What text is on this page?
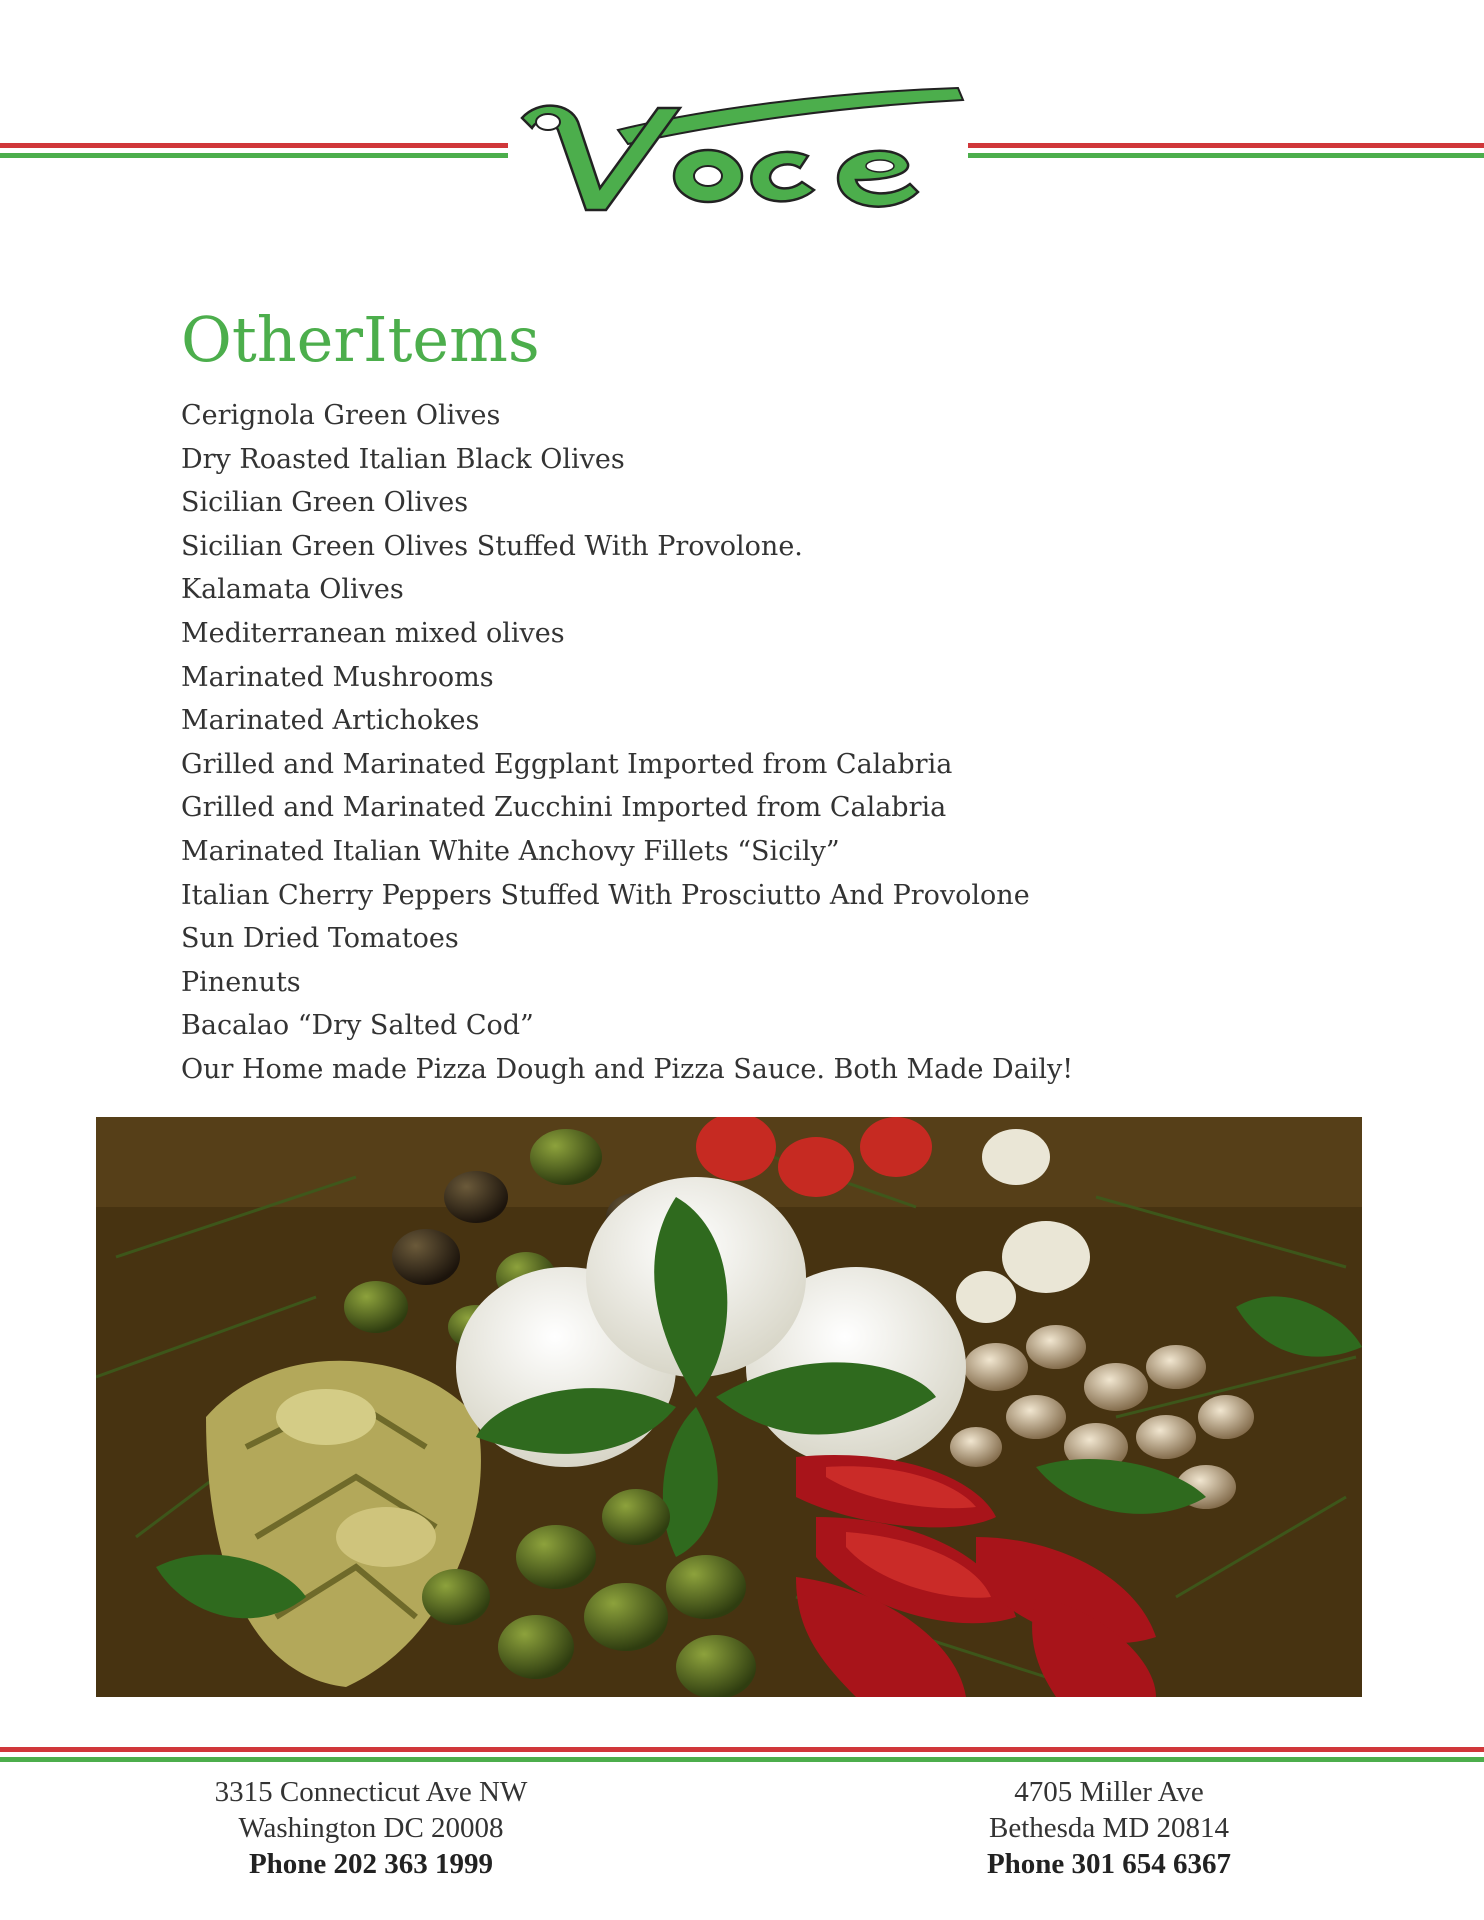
OtherItems
Cerignola Green Olives
Dry Roasted Italian Black Olives
Sicilian Green Olives
Sicilian Green Olives Stuffed With Provolone.
Kalamata Olives
Mediterranean mixed olives
Marinated Mushrooms
Marinated Artichokes
Grilled and Marinated Eggplant Imported from Calabria
Grilled and Marinated Zucchini Imported from Calabria
Marinated Italian White Anchovy Fillets “Sicily”
Italian Cherry Peppers Stuffed With Prosciutto And Provolone
Sun Dried Tomatoes
Pinenuts
Bacalao “Dry Salted Cod”
Our Home made Pizza Dough and Pizza Sauce. Both Made Daily!
3315 Connecticut Ave NW
Washington DC 20008
Phone 202 363 1999
4705 Miller Ave
Bethesda MD 20814
Phone 301 654 6367
